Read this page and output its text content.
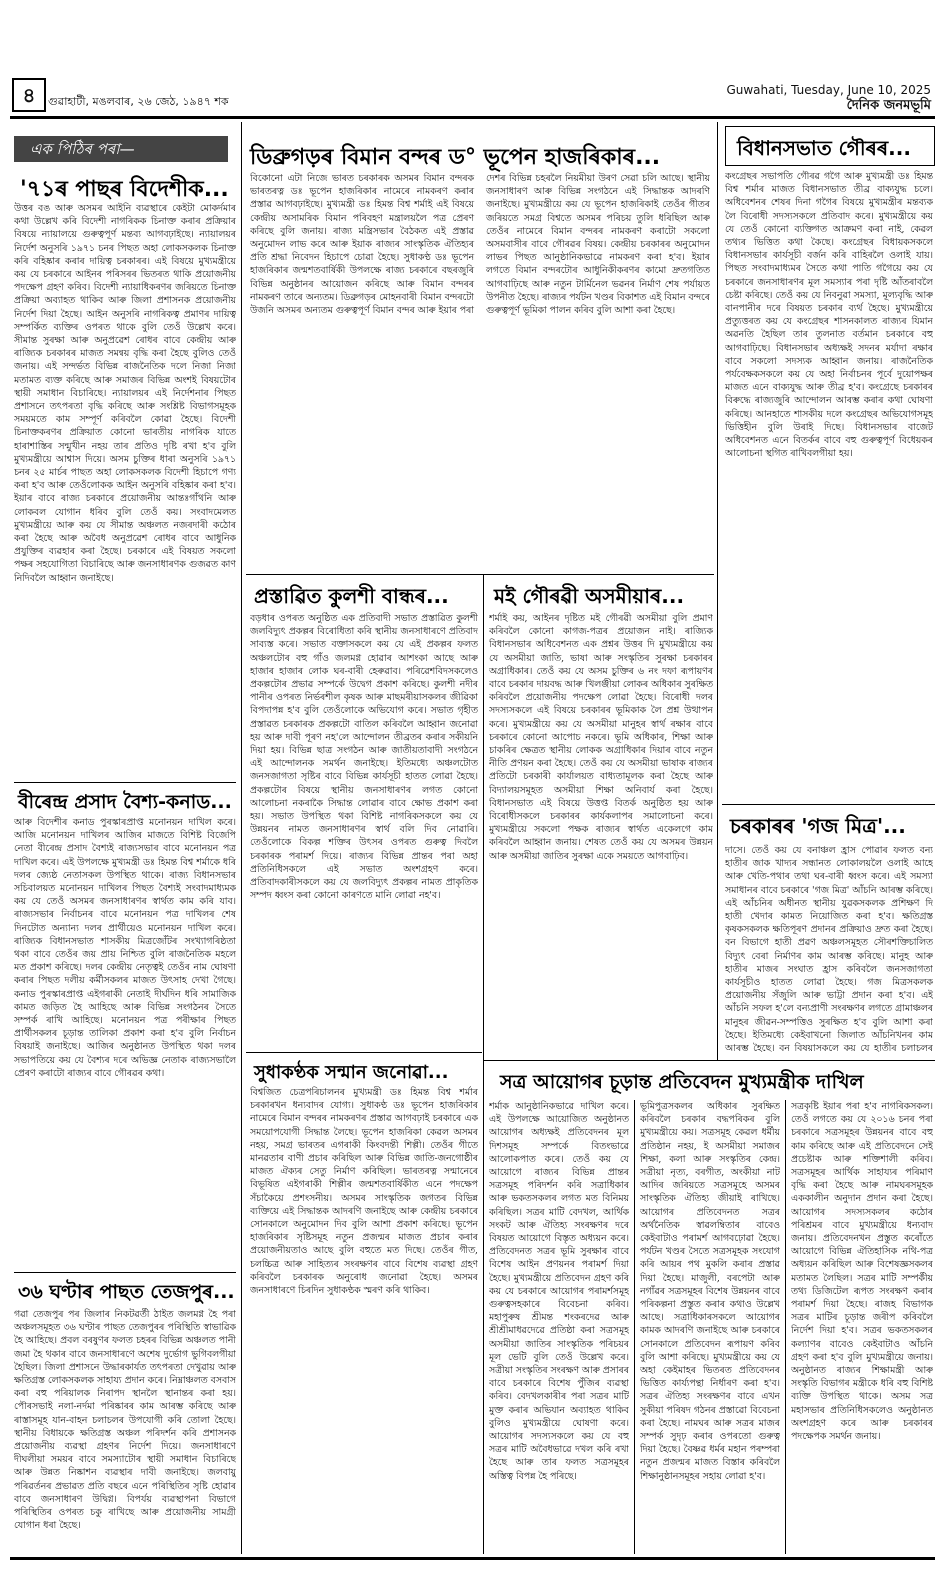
৪	গুৱাহাটী, মঙলবাৰ, ২৬ জেঠ, ১৯৪৭ শক
Guwahati, Tuesday, June 10, 2025
দৈনিক জনমভূমি
এক পিঠিৰ পৰা—
'৭১ৰ পাছৰ বিদেশীক...
উত্তৰ বঙ আৰু অসমৰ আইনি ব্যৱস্থাৰে কেইটা মোকৰ্দমাৰ কথা উল্লেখ কৰি বিদেশী নাগৰিকক চিনাক্ত কৰাৰ প্ৰক্ৰিয়াৰ বিষয়ে ন্যায়ালয়ে গুৰুত্বপূৰ্ণ মন্তব্য আগবঢ়াইছে। ন্যায়ালয়ৰ নিৰ্দেশ অনুসৰি ১৯৭১ চনৰ পিছত অহা লোকসকলক চিনাক্ত কৰি বহিষ্কাৰ কৰাৰ দায়িত্ব চৰকাৰৰ। এই বিষয়ে মুখ্যমন্ত্ৰীয়ে কয় যে চৰকাৰে আইনৰ পৰিসৰৰ ভিতৰত থাকি প্ৰয়োজনীয় পদক্ষেপ গ্ৰহণ কৰিব। বিদেশী ন্যায়াধিকৰণৰ জৰিয়তে চিনাক্ত প্ৰক্ৰিয়া অব্যাহত থাকিব আৰু জিলা প্ৰশাসনক প্ৰয়োজনীয় নিৰ্দেশ দিয়া হৈছে। আইন অনুসৰি নাগৰিকত্ব প্ৰমাণৰ দায়িত্ব সম্পৰ্কিত ব্যক্তিৰ ওপৰত থাকে বুলি তেওঁ উল্লেখ কৰে। সীমান্ত সুৰক্ষা আৰু অনুপ্ৰৱেশ ৰোধৰ বাবে কেন্দ্ৰীয় আৰু ৰাজ্যিক চৰকাৰৰ মাজত সমন্বয় বৃদ্ধি কৰা হৈছে বুলিও তেওঁ জনায়। এই সন্দৰ্ভত বিভিন্ন ৰাজনৈতিক দলে নিজা নিজা মতামত ব্যক্ত কৰিছে আৰু সমাজৰ বিভিন্ন অংশই বিষয়টোৰ স্থায়ী সমাধান বিচাৰিছে। ন্যায়ালয়ৰ এই নিৰ্দেশনাৰ পিছত প্ৰশাসনে তৎপৰতা বৃদ্ধি কৰিছে আৰু সংশ্লিষ্ট বিভাগসমূহক সময়মতে কাম সম্পূৰ্ণ কৰিবলৈ কোৱা হৈছে। বিদেশী চিনাক্তকৰণৰ প্ৰক্ৰিয়াত কোনো ভাৰতীয় নাগৰিক যাতে হাৰাশাস্তিৰ সন্মুখীন নহয় তাৰ প্ৰতিও দৃষ্টি ৰখা হ'ব বুলি মুখ্যমন্ত্ৰীয়ে আশ্বাস দিয়ে। অসম চুক্তিৰ ধাৰা অনুসৰি ১৯৭১ চনৰ ২৫ মাৰ্চৰ পাছত অহা লোকসকলক বিদেশী হিচাপে গণ্য কৰা হ'ব আৰু তেওঁলোকক আইন অনুসৰি বহিষ্কাৰ কৰা হ'ব। ইয়াৰ বাবে ৰাজ্য চৰকাৰে প্ৰয়োজনীয় আন্তঃগাঁথনি আৰু লোকবল যোগান ধৰিব বুলি তেওঁ কয়। সংবাদমেলত মুখ্যমন্ত্ৰীয়ে আৰু কয় যে সীমান্ত অঞ্চলত নজৰদাৰী কঠোৰ কৰা হৈছে আৰু অবৈধ অনুপ্ৰৱেশ ৰোধৰ বাবে আধুনিক প্ৰযুক্তিৰ ব্যৱহাৰ কৰা হৈছে। চৰকাৰে এই বিষয়ত সকলো পক্ষৰ সহযোগিতা বিচাৰিছে আৰু জনসাধাৰণক গুজৱত কাণ নিদিবলৈ আহ্বান জনাইছে।
বীৰেন্দ্ৰ প্ৰসাদ বৈশ্য-কনাড...
আৰু বিদেশীৰ কনাড পুৰস্কাৰপ্ৰাপ্ত মনোনয়ন দাখিল কৰে। আজি মনোনয়ন দাখিলৰ আজিৰ মাজতে বিশিষ্ট বিজেপি নেতা বীৰেন্দ্ৰ প্ৰসাদ বৈশ্যই ৰাজ্যসভাৰ বাবে মনোনয়ন পত্ৰ দাখিল কৰে। এই উপলক্ষে মুখ্যমন্ত্ৰী ডঃ হিমন্ত বিশ্ব শৰ্মাকে ধৰি দলৰ জ্যেষ্ঠ নেতাসকল উপস্থিত থাকে। ৰাজ্য বিধানসভাৰ সচিবালয়ত মনোনয়ন দাখিলৰ পিছত বৈশ্যই সংবাদমাধ্যমক কয় যে তেওঁ অসমৰ জনসাধাৰণৰ স্বাৰ্থত কাম কৰি যাব। ৰাজ্যসভাৰ নিৰ্বাচনৰ বাবে মনোনয়ন পত্ৰ দাখিলৰ শেষ দিনটোত অন্যান্য দলৰ প্ৰাৰ্থীয়েও মনোনয়ন দাখিল কৰে। ৰাজ্যিক বিধানসভাত শাসকীয় মিত্ৰজোঁটৰ সংখ্যাগৰিষ্ঠতা থকা বাবে তেওঁৰ জয় প্ৰায় নিশ্চিত বুলি ৰাজনৈতিক মহলে মত প্ৰকাশ কৰিছে। দলৰ কেন্দ্ৰীয় নেতৃত্বই তেওঁৰ নাম ঘোষণা কৰাৰ পিছত দলীয় কৰ্মীসকলৰ মাজত উৎসাহ দেখা গৈছে। কনাড পুৰস্কাৰপ্ৰাপ্ত এইগৰাকী নেতাই দীৰ্ঘদিন ধৰি সামাজিক কামত জড়িত হৈ আহিছে আৰু বিভিন্ন সংগঠনৰ সৈতে সম্পৰ্ক ৰাখি আহিছে। মনোনয়ন পত্ৰ পৰীক্ষাৰ পিছত প্ৰাৰ্থীসকলৰ চূড়ান্ত তালিকা প্ৰকাশ কৰা হ'ব বুলি নিৰ্বাচন বিষয়াই জনাইছে। আজিৰ অনুষ্ঠানত উপস্থিত থকা দলৰ সভাপতিয়ে কয় যে বৈশ্যৰ দৰে অভিজ্ঞ নেতাক ৰাজ্যসভালৈ প্ৰেৰণ কৰাটো ৰাজ্যৰ বাবে গৌৰৱৰ কথা।
৩৬ ঘণ্টাৰ পাছত তেজপুৰ...
গৱা তেজপুৰ পৰ জিলাৰ নিকটৱৰ্তী ঠাইত জলমগ্ন হৈ পৰা অঞ্চলসমূহত ৩৬ ঘণ্টাৰ পাছত তেজপুৰৰ পৰিস্থিতি স্বাভাৱিক হৈ আহিছে। প্ৰবল বৰষুণৰ ফলত চহৰৰ বিভিন্ন অঞ্চলত পানী জমা হৈ থকাৰ বাবে জনসাধাৰণে অশেষ দুৰ্ভোগ ভুগিবলগীয়া হৈছিল। জিলা প্ৰশাসনে উদ্ধাৰকাৰ্যত তৎপৰতা দেখুৱায় আৰু ক্ষতিগ্ৰস্ত লোকসকলক সাহায্য প্ৰদান কৰে। নিম্নাঞ্চলত বসবাস কৰা বহু পৰিয়ালক নিৰাপদ স্থানলৈ স্থানান্তৰ কৰা হয়। পৌৰসভাই নলা-নৰ্দমা পৰিষ্কাৰৰ কাম আৰম্ভ কৰিছে আৰু ৰাস্তাসমূহ যান-বাহন চলাচলৰ উপযোগী কৰি তোলা হৈছে। স্থানীয় বিধায়কে ক্ষতিগ্ৰস্ত অঞ্চল পৰিদৰ্শন কৰি প্ৰশাসনক প্ৰয়োজনীয় ব্যৱস্থা গ্ৰহণৰ নিৰ্দেশ দিয়ে। জনসাধাৰণে দীঘলীয়া সময়ৰ বাবে সমস্যাটোৰ স্থায়ী সমাধান বিচাৰিছে আৰু উন্নত নিষ্কাশন ব্যৱস্থাৰ দাবী জনাইছে। জলবায়ু পৰিৱৰ্তনৰ প্ৰভাৱত প্ৰতি বছৰে এনে পৰিস্থিতিৰ সৃষ্টি হোৱাৰ বাবে জনসাধাৰণ উদ্বিগ্ন। বিপৰ্যয় ব্যৱস্থাপনা বিভাগে পৰিস্থিতিৰ ওপৰত চকু ৰাখিছে আৰু প্ৰয়োজনীয় সামগ্ৰী যোগান ধৰা হৈছে।
ডিব্ৰুগড়ৰ বিমান বন্দৰ ড° ভূপেন হাজৰিকাৰ...
বিকোনো এটা নিজে ভাৰত চৰকাৰক অসমৰ বিমান বন্দৰক ভাৰতৰত্ন ডঃ ভূপেন হাজৰিকাৰ নামেৰে নামকৰণ কৰাৰ প্ৰস্তাৱ আগবঢ়াইছে। মুখ্যমন্ত্ৰী ডঃ হিমন্ত বিশ্ব শৰ্মাই এই বিষয়ে কেন্দ্ৰীয় অসামৰিক বিমান পৰিবহণ মন্ত্ৰালয়লৈ পত্ৰ প্ৰেৰণ কৰিছে বুলি জনায়। ৰাজ্য মন্ত্ৰিসভাৰ বৈঠকত এই প্ৰস্তাৱ অনুমোদন লাভ কৰে আৰু ইয়াক ৰাজ্যৰ সাংস্কৃতিক ঐতিহ্যৰ প্ৰতি শ্ৰদ্ধা নিবেদন হিচাপে চোৱা হৈছে। সুধাকণ্ঠ ডঃ ভূপেন হাজৰিকাৰ জন্মশতবাৰ্ষিকী উপলক্ষে ৰাজ্য চৰকাৰে বছৰজুৰি বিভিন্ন অনুষ্ঠানৰ আয়োজন কৰিছে আৰু বিমান বন্দৰৰ নামকৰণ তাৰে অন্যতম। ডিব্ৰুগড়ৰ মোহনবাৰী বিমান বন্দৰটো উজনি অসমৰ অন্যতম গুৰুত্বপূৰ্ণ বিমান বন্দৰ আৰু ইয়াৰ পৰা দেশৰ বিভিন্ন চহৰলৈ নিয়মীয়া উৰণ সেৱা চলি আছে। স্থানীয় জনসাধাৰণ আৰু বিভিন্ন সংগঠনে এই সিদ্ধান্তক আদৰণি জনাইছে। মুখ্যমন্ত্ৰীয়ে কয় যে ভূপেন হাজৰিকাই তেওঁৰ গীতৰ জৰিয়তে সমগ্ৰ বিশ্বতে অসমৰ পৰিচয় তুলি ধৰিছিল আৰু তেওঁৰ নামেৰে বিমান বন্দৰৰ নামকৰণ কৰাটো সকলো অসমবাসীৰ বাবে গৌৰৱৰ বিষয়। কেন্দ্ৰীয় চৰকাৰৰ অনুমোদন লাভৰ পিছত আনুষ্ঠানিকভাৱে নামকৰণ কৰা হ'ব। ইয়াৰ লগতে বিমান বন্দৰটোৰ আধুনিকীকৰণৰ কামো দ্ৰুতগতিত আগবাঢ়িছে আৰু নতুন টাৰ্মিনেল ভৱনৰ নিৰ্মাণ শেষ পৰ্যায়ত উপনীত হৈছে। ৰাজ্যৰ পৰ্যটন খণ্ডৰ বিকাশত এই বিমান বন্দৰে গুৰুত্বপূৰ্ণ ভূমিকা পালন কৰিব বুলি আশা কৰা হৈছে।
প্ৰস্তাৱিত কুলশী বান্ধৰ...
বড়ধাৰ ওপৰত অনুষ্ঠিত এক প্ৰতিবাদী সভাত প্ৰস্তাৱিত কুলশী জলবিদ্যুৎ প্ৰকল্পৰ বিৰোধিতা কৰি স্থানীয় জনসাধাৰণে প্ৰতিবাদ সাব্যস্ত কৰে। সভাত বক্তাসকলে কয় যে এই প্ৰকল্পৰ ফলত অঞ্চলটোৰ বহু গাঁও জলমগ্ন হোৱাৰ আশংকা আছে আৰু হাজাৰ হাজাৰ লোক ঘৰ-বাৰী হেৰুৱাব। পৰিৱেশবিদসকলেও প্ৰকল্পটোৰ প্ৰভাৱ সম্পৰ্কে উদ্বেগ প্ৰকাশ কৰিছে। কুলশী নদীৰ পানীৰ ওপৰত নিৰ্ভৰশীল কৃষক আৰু মাছমৰীয়াসকলৰ জীৱিকা বিপদাপন্ন হ'ব বুলি তেওঁলোকে অভিযোগ কৰে। সভাত গৃহীত প্ৰস্তাৱত চৰকাৰক প্ৰকল্পটো বাতিল কৰিবলৈ আহ্বান জনোৱা হয় আৰু দাবী পূৰণ নহ'লে আন্দোলন তীব্ৰতৰ কৰাৰ সকীয়নি দিয়া হয়। বিভিন্ন ছাত্ৰ সংগঠন আৰু জাতীয়তাবাদী সংগঠনে এই আন্দোলনক সমৰ্থন জনাইছে। ইতিমধ্যে অঞ্চলটোত জনসজাগতা সৃষ্টিৰ বাবে বিভিন্ন কাৰ্যসূচী হাতত লোৱা হৈছে। প্ৰকল্পটোৰ বিষয়ে স্থানীয় জনসাধাৰণৰ লগত কোনো আলোচনা নকৰাকৈ সিদ্ধান্ত লোৱাৰ বাবে ক্ষোভ প্ৰকাশ কৰা হয়। সভাত উপস্থিত থকা বিশিষ্ট নাগৰিকসকলে কয় যে উন্নয়নৰ নামত জনসাধাৰণৰ স্বাৰ্থ বলি দিব নোৱাৰি। তেওঁলোকে বিকল্প শক্তিৰ উৎসৰ ওপৰত গুৰুত্ব দিবলৈ চৰকাৰক পৰামৰ্শ দিয়ে। ৰাজ্যৰ বিভিন্ন প্ৰান্তৰ পৰা অহা প্ৰতিনিধিসকলে এই সভাত অংশগ্ৰহণ কৰে। প্ৰতিবাদকাৰীসকলে কয় যে জলবিদ্যুৎ প্ৰকল্পৰ নামত প্ৰাকৃতিক সম্পদ ধ্বংস কৰা কোনো কাৰণতে মানি লোৱা নহ'ব।
সুধাকণ্ঠক সন্মান জনোৱা...
বিশ্বজিত চেত্ৰপৰিচালনৰ মুখ্যমন্ত্ৰী ডঃ হিমন্ত বিশ্ব শৰ্মাৰ চৰকাৰখন ধন্যবাদৰ যোগ্য। সুধাকণ্ঠ ডঃ ভূপেন হাজৰিকাৰ নামেৰে বিমান বন্দৰৰ নামকৰণৰ প্ৰস্তাৱ আগবঢ়াই চৰকাৰে এক সময়োপযোগী সিদ্ধান্ত লৈছে। ভূপেন হাজৰিকা কেৱল অসমৰ নহয়, সমগ্ৰ ভাৰতৰ এগৰাকী কিংবদন্তী শিল্পী। তেওঁৰ গীতে মানৱতাৰ বাণী প্ৰচাৰ কৰিছিল আৰু বিভিন্ন জাতি-জনগোষ্ঠীৰ মাজত ঐক্যৰ সেতু নিৰ্মাণ কৰিছিল। ভাৰতৰত্ন সন্মানেৰে বিভূষিত এইগৰাকী শিল্পীৰ জন্মশতবাৰ্ষিকীত এনে পদক্ষেপ সঁচাকৈয়ে প্ৰশংসনীয়। অসমৰ সাংস্কৃতিক জগতৰ বিভিন্ন ব্যক্তিয়ে এই সিদ্ধান্তক আদৰণি জনাইছে আৰু কেন্দ্ৰীয় চৰকাৰে সোনকালে অনুমোদন দিব বুলি আশা প্ৰকাশ কৰিছে। ভূপেন হাজৰিকাৰ সৃষ্টিসমূহ নতুন প্ৰজন্মৰ মাজত প্ৰচাৰ কৰাৰ প্ৰয়োজনীয়তাও আছে বুলি বহুতে মত দিছে। তেওঁৰ গীত, চলচ্চিত্ৰ আৰু সাহিত্যৰ সংৰক্ষণৰ বাবে বিশেষ ব্যৱস্থা গ্ৰহণ কৰিবলৈ চৰকাৰক অনুৰোধ জনোৱা হৈছে। অসমৰ জনসাধাৰণে চিৰদিন সুধাকণ্ঠক স্মৰণ কৰি থাকিব।
মই গৌৰৱী অসমীয়াৰ...
শৰ্মাই কয়, আইনৰ দৃষ্টিত মই গৌৰৱী অসমীয়া বুলি প্ৰমাণ কৰিবলৈ কোনো কাগজ-পত্ৰৰ প্ৰয়োজন নাই। ৰাজ্যিক বিধানসভাৰ অধিবেশনত এক প্ৰশ্নৰ উত্তৰ দি মুখ্যমন্ত্ৰীয়ে কয় যে অসমীয়া জাতি, ভাষা আৰু সংস্কৃতিৰ সুৰক্ষা চৰকাৰৰ অগ্ৰাধিকাৰ। তেওঁ কয় যে অসম চুক্তিৰ ৬ নং দফা ৰূপায়ণৰ বাবে চৰকাৰ দায়বদ্ধ আৰু খিলঞ্জীয়া লোকৰ অধিকাৰ সুৰক্ষিত কৰিবলৈ প্ৰয়োজনীয় পদক্ষেপ লোৱা হৈছে। বিৰোধী দলৰ সদস্যসকলে এই বিষয়ে চৰকাৰৰ ভূমিকাক লৈ প্ৰশ্ন উত্থাপন কৰে। মুখ্যমন্ত্ৰীয়ে কয় যে অসমীয়া মানুহৰ স্বাৰ্থ ৰক্ষাৰ বাবে চৰকাৰে কোনো আপোচ নকৰে। ভূমি অধিকাৰ, শিক্ষা আৰু চাকৰিৰ ক্ষেত্ৰত স্থানীয় লোকক অগ্ৰাধিকাৰ দিয়াৰ বাবে নতুন নীতি প্ৰণয়ন কৰা হৈছে। তেওঁ কয় যে অসমীয়া ভাষাক ৰাজ্যৰ প্ৰতিটো চৰকাৰী কাৰ্যালয়ত বাধ্যতামূলক কৰা হৈছে আৰু বিদ্যালয়সমূহত অসমীয়া শিক্ষা অনিবাৰ্য কৰা হৈছে। বিধানসভাত এই বিষয়ে উত্তপ্ত বিতৰ্ক অনুষ্ঠিত হয় আৰু বিৰোধীসকলে চৰকাৰৰ কাৰ্যকলাপৰ সমালোচনা কৰে। মুখ্যমন্ত্ৰীয়ে সকলো পক্ষক ৰাজ্যৰ স্বাৰ্থত একেলগে কাম কৰিবলৈ আহ্বান জনায়। শেষত তেওঁ কয় যে অসমৰ উন্নয়ন আৰু অসমীয়া জাতিৰ সুৰক্ষা একে সময়তে আগবাঢ়িব।
বিধানসভাত গৌৰৰ...
কংগ্ৰেছৰ সভাপতি গৌৰৱ গগৈ আৰু মুখ্যমন্ত্ৰী ডঃ হিমন্ত বিশ্ব শৰ্মাৰ মাজত বিধানসভাত তীব্ৰ বাক্যযুদ্ধ চলে। অধিবেশনৰ শেষৰ দিনা গগৈৰ বিষয়ে মুখ্যমন্ত্ৰীৰ মন্তব্যক লৈ বিৰোধী সদস্যসকলে প্ৰতিবাদ কৰে। মুখ্যমন্ত্ৰীয়ে কয় যে তেওঁ কোনো ব্যক্তিগত আক্ৰমণ কৰা নাই, কেৱল তথ্যৰ ভিত্তিত কথা কৈছে। কংগ্ৰেছৰ বিধায়কসকলে বিধানসভাৰ কাৰ্যসূচী বৰ্জন কৰি বাহিৰলৈ ওলাই যায়। পিছত সংবাদমাধ্যমৰ সৈতে কথা পাতি গগৈয়ে কয় যে চৰকাৰে জনসাধাৰণৰ মূল সমস্যাৰ পৰা দৃষ্টি আঁতৰাবলৈ চেষ্টা কৰিছে। তেওঁ কয় যে নিবনুৱা সমস্যা, মূল্যবৃদ্ধি আৰু বানপানীৰ দৰে বিষয়ত চৰকাৰ ব্যৰ্থ হৈছে। মুখ্যমন্ত্ৰীয়ে প্ৰত্যুত্তৰত কয় যে কংগ্ৰেছৰ শাসনকালত ৰাজ্যৰ যিমান অৱনতি হৈছিল তাৰ তুলনাত বৰ্তমান চৰকাৰে বহু আগবাঢ়িছে। বিধানসভাৰ অধ্যক্ষই সদনৰ মৰ্যাদা ৰক্ষাৰ বাবে সকলো সদস্যক আহ্বান জনায়। ৰাজনৈতিক পৰ্যবেক্ষকসকলে কয় যে অহা নিৰ্বাচনৰ পূৰ্বে দুয়োপক্ষৰ মাজত এনে বাক্যযুদ্ধ আৰু তীব্ৰ হ'ব। কংগ্ৰেছে চৰকাৰৰ বিৰুদ্ধে ৰাজ্যজুৰি আন্দোলন আৰম্ভ কৰাৰ কথা ঘোষণা কৰিছে। আনহাতে শাসকীয় দলে কংগ্ৰেছৰ অভিযোগসমূহ ভিত্তিহীন বুলি উৰাই দিছে। বিধানসভাৰ বাজেট অধিবেশনত এনে বিতৰ্কৰ বাবে বহু গুৰুত্বপূৰ্ণ বিধেয়কৰ আলোচনা স্থগিত ৰাখিবলগীয়া হয়।
চৰকাৰৰ 'গজ মিত্ৰ'...
দাসে। তেওঁ কয় যে বনাঞ্চল হ্ৰাস পোৱাৰ ফলত বন্য হাতীৰ জাক খাদ্যৰ সন্ধানত লোকালয়লৈ ওলাই আহে আৰু খেতি-পথাৰ তথা ঘৰ-বাৰী ধ্বংস কৰে। এই সমস্যা সমাধানৰ বাবে চৰকাৰে 'গজ মিত্ৰ' আঁচনি আৰম্ভ কৰিছে। এই আঁচনিৰ অধীনত স্থানীয় যুৱকসকলক প্ৰশিক্ষণ দি হাতী খেদাৰ কামত নিয়োজিত কৰা হ'ব। ক্ষতিগ্ৰস্ত কৃষকসকলক ক্ষতিপূৰণ প্ৰদানৰ প্ৰক্ৰিয়াও দ্ৰুত কৰা হৈছে। বন বিভাগে হাতী প্ৰৱণ অঞ্চলসমূহত সৌৰশক্তিচালিত বিদ্যুৎ বেৰা নিৰ্মাণৰ কাম আৰম্ভ কৰিছে। মানুহ আৰু হাতীৰ মাজৰ সংঘাত হ্ৰাস কৰিবলৈ জনসজাগতা কাৰ্যসূচীও হাতত লোৱা হৈছে। গজ মিত্ৰসকলক প্ৰয়োজনীয় সঁজুলি আৰু ভাট্টা প্ৰদান কৰা হ'ব। এই আঁচনি সফল হ'লে বন্যপ্ৰাণী সংৰক্ষণৰ লগতে গ্ৰামাঞ্চলৰ মানুহৰ জীৱন-সম্পত্তিও সুৰক্ষিত হ'ব বুলি আশা কৰা হৈছে। ইতিমধ্যে কেইবাখনো জিলাত আঁচনিখনৰ কাম আৰম্ভ হৈছে। বন বিষয়াসকলে কয় যে হাতীৰ চলাচলৰ
সত্ৰ আয়োগৰ চূড়ান্ত প্ৰতিবেদন মুখ্যমন্ত্ৰীক দাখিল
শৰ্মাক আনুষ্ঠানিকভাৱে দাখিল কৰে। এই উপলক্ষে আয়োজিত অনুষ্ঠানত আয়োগৰ অধ্যক্ষই প্ৰতিবেদনৰ মূল দিশসমূহ সম্পৰ্কে বিতংভাৱে আলোকপাত কৰে। তেওঁ কয় যে আয়োগে ৰাজ্যৰ বিভিন্ন প্ৰান্তৰ সত্ৰসমূহ পৰিদৰ্শন কৰি সত্ৰাধিকাৰ আৰু ভকতসকলৰ লগত মত বিনিময় কৰিছিল। সত্ৰৰ মাটি বেদখল, আৰ্থিক সংকট আৰু ঐতিহ্য সংৰক্ষণৰ দৰে বিষয়ত আয়োগে বিস্তৃত অধ্যয়ন কৰে। প্ৰতিবেদনত সত্ৰৰ ভূমি সুৰক্ষাৰ বাবে বিশেষ আইন প্ৰণয়নৰ পৰামৰ্শ দিয়া হৈছে। মুখ্যমন্ত্ৰীয়ে প্ৰতিবেদন গ্ৰহণ কৰি কয় যে চৰকাৰে আয়োগৰ পৰামৰ্শসমূহ গুৰুত্বসহকাৰে বিবেচনা কৰিব। মহাপুৰুষ শ্ৰীমন্ত শংকৰদেৱ আৰু শ্ৰীশ্ৰীমাধৱদেৱে প্ৰতিষ্ঠা কৰা সত্ৰসমূহ অসমীয়া জাতিৰ সাংস্কৃতিক পৰিচয়ৰ মূল ভেটি বুলি তেওঁ উল্লেখ কৰে। সত্ৰীয়া সংস্কৃতিৰ সংৰক্ষণ আৰু প্ৰসাৰৰ বাবে চৰকাৰে বিশেষ পুঁজিৰ ব্যৱস্থা কৰিব। বেদখলকাৰীৰ পৰা সত্ৰৰ মাটি মুক্ত কৰাৰ অভিযান অব্যাহত থাকিব বুলিও মুখ্যমন্ত্ৰীয়ে ঘোষণা কৰে। আয়োগৰ সদস্যসকলে কয় যে বহু সত্ৰৰ মাটি অবৈধভাৱে দখল কৰি ৰখা হৈছে আৰু তাৰ ফলত সত্ৰসমূহৰ অস্তিত্ব বিপন্ন হৈ পৰিছে।
ভূমিপুত্ৰসকলৰ অধিকাৰ সুৰক্ষিত কৰিবলৈ চৰকাৰ বদ্ধপৰিকৰ বুলি মুখ্যমন্ত্ৰীয়ে কয়। সত্ৰসমূহ কেৱল ধৰ্মীয় প্ৰতিষ্ঠান নহয়, ই অসমীয়া সমাজৰ শিক্ষা, কলা আৰু সংস্কৃতিৰ কেন্দ্ৰ। সত্ৰীয়া নৃত্য, বৰগীত, অংকীয়া নাট আদিৰ জৰিয়তে সত্ৰসমূহে অসমৰ সাংস্কৃতিক ঐতিহ্য জীয়াই ৰাখিছে। আয়োগৰ প্ৰতিবেদনত সত্ৰৰ অৰ্থনৈতিক স্বাৱলম্বিতাৰ বাবেও কেইবাটাও পৰামৰ্শ আগবঢ়োৱা হৈছে। পৰ্যটন খণ্ডৰ সৈতে সত্ৰসমূহক সংযোগ কৰি আয়ৰ পথ মুকলি কৰাৰ প্ৰস্তাৱ দিয়া হৈছে। মাজুলী, বৰপেটা আৰু নগাঁৱৰ সত্ৰসমূহৰ বিশেষ উন্নয়নৰ বাবে পৰিকল্পনা প্ৰস্তুত কৰাৰ কথাও উল্লেখ আছে। সত্ৰাধিকাৰসকলে আয়োগৰ কামক আদৰণি জনাইছে আৰু চৰকাৰে সোনকালে প্ৰতিবেদন ৰূপায়ণ কৰিব বুলি আশা কৰিছে। মুখ্যমন্ত্ৰীয়ে কয় যে অহা কেইমাহৰ ভিতৰত প্ৰতিবেদনৰ ভিত্তিত কাৰ্য্যপন্থা নিৰ্ধাৰণ কৰা হ'ব। সত্ৰৰ ঐতিহ্য সংৰক্ষণৰ বাবে এখন সুকীয়া পৰিষদ গঠনৰ প্ৰস্তাৱো বিবেচনা কৰা হৈছে। নামঘৰ আৰু সত্ৰৰ মাজৰ সম্পৰ্ক সুদৃঢ় কৰাৰ ওপৰতো গুৰুত্ব দিয়া হৈছে। বৈষ্ণৱ ধৰ্মৰ মহান পৰম্পৰা নতুন প্ৰজন্মৰ মাজত বিস্তাৰ কৰিবলৈ শিক্ষানুষ্ঠানসমূহৰ সহায় লোৱা হ'ব।
সত্ৰকৃষ্টি ইয়াৰ পৰা হ'ব নাগৰিকসকল। তেওঁ লগতে কয় যে ২০১৬ চনৰ পৰা চৰকাৰে সত্ৰসমূহৰ উন্নয়নৰ বাবে বহু কাম কৰিছে আৰু এই প্ৰতিবেদনে সেই প্ৰচেষ্টাক আৰু শক্তিশালী কৰিব। সত্ৰসমূহৰ আৰ্থিক সাহায্যৰ পৰিমাণ বৃদ্ধি কৰা হৈছে আৰু নামঘৰসমূহক এককালীন অনুদান প্ৰদান কৰা হৈছে। আয়োগৰ সদস্যসকলৰ কঠোৰ পৰিশ্ৰমৰ বাবে মুখ্যমন্ত্ৰীয়ে ধন্যবাদ জনায়। প্ৰতিবেদনখন প্ৰস্তুত কৰোঁতে আয়োগে বিভিন্ন ঐতিহাসিক নথি-পত্ৰ অধ্যয়ন কৰিছিল আৰু বিশেষজ্ঞসকলৰ মতামত লৈছিল। সত্ৰৰ মাটি সম্পৰ্কীয় তথ্য ডিজিটেল ৰূপত সংৰক্ষণ কৰাৰ পৰামৰ্শ দিয়া হৈছে। ৰাজহ বিভাগক সত্ৰৰ মাটিৰ চূড়ান্ত জৰীপ কৰিবলৈ নিৰ্দেশ দিয়া হ'ব। সত্ৰৰ ভকতসকলৰ কল্যাণৰ বাবেও কেইবাটাও আঁচনি গ্ৰহণ কৰা হ'ব বুলি মুখ্যমন্ত্ৰীয়ে জনায়। অনুষ্ঠানত ৰাজ্যৰ শিক্ষামন্ত্ৰী আৰু সংস্কৃতি বিভাগৰ মন্ত্ৰীকে ধৰি বহু বিশিষ্ট ব্যক্তি উপস্থিত থাকে। অসম সত্ৰ মহাসভাৰ প্ৰতিনিধিসকলেও অনুষ্ঠানত অংশগ্ৰহণ কৰে আৰু চৰকাৰৰ পদক্ষেপক সমৰ্থন জনায়।
